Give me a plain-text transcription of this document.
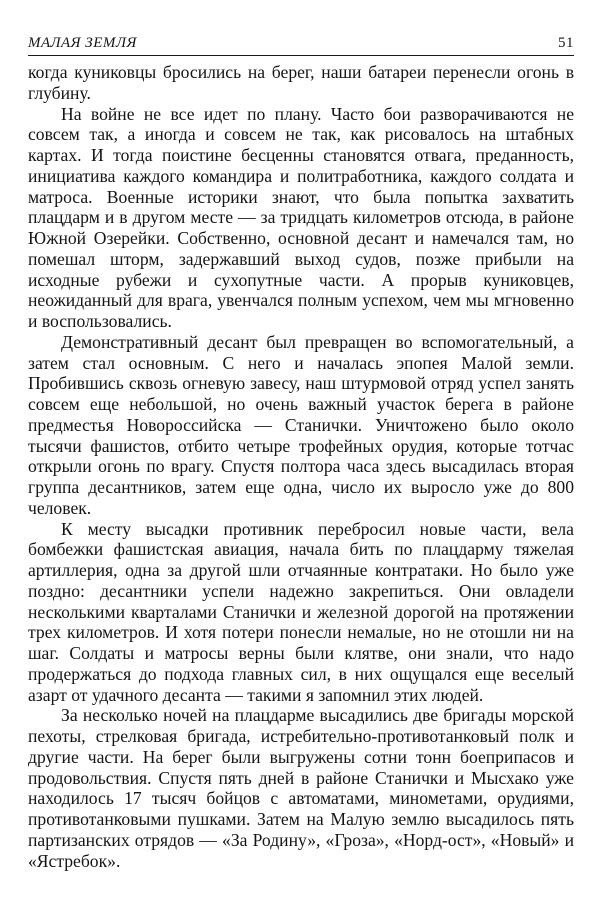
МАЛАЯ ЗЕМЛЯ	51

когда куниковцы бросились на берег, наши батареи перенесли огонь в глубину.

На войне не все идет по плану. Часто бои разворачиваются не совсем так, а иногда и совсем не так, как рисовалось на штабных картах. И тогда поистине бесценны становятся отвага, преданность, инициатива каждого командира и политработника, каждого солдата и матроса. Военные историки знают, что была попытка захватить плацдарм и в другом месте — за тридцать километров отсюда, в районе Южной Озерейки. Собственно, основной десант и намечался там, но помешал шторм, задержавший выход судов, позже прибыли на исходные рубежи и сухопутные части. А прорыв куниковцев, неожиданный для врага, увенчался полным успехом, чем мы мгновенно и воспользовались.

Демонстративный десант был превращен во вспомогательный, а затем стал основным. С него и началась эпопея Малой земли. Пробившись сквозь огневую завесу, наш штурмовой отряд успел занять совсем еще небольшой, но очень важный участок берега в районе предместья Новороссийска — Станички. Уничтожено было около тысячи фашистов, отбито четыре трофейных орудия, которые тотчас открыли огонь по врагу. Спустя полтора часа здесь высадилась вторая группа десантников, затем еще одна, число их выросло уже до 800 человек.

К месту высадки противник перебросил новые части, вела бомбежки фашистская авиация, начала бить по плацдарму тяжелая артиллерия, одна за другой шли отчаянные контратаки. Но было уже поздно: десантники успели надежно закрепиться. Они овладели несколькими кварталами Станички и железной дорогой на протяжении трех километров. И хотя потери понесли немалые, но не отошли ни на шаг. Солдаты и матросы верны были клятве, они знали, что надо продержаться до подхода главных сил, в них ощущался еще веселый азарт от удачного десанта — такими я запомнил этих людей.

За несколько ночей на плацдарме высадились две бригады морской пехоты, стрелковая бригада, истребительно-противотанковый полк и другие части. На берег были выгружены сотни тонн боеприпасов и продовольствия. Спустя пять дней в районе Станички и Мысхако уже находилось 17 тысяч бойцов с автоматами, минометами, орудиями, противотанковыми пушками. Затем на Малую землю высадилось пять партизанских отрядов — «За Родину», «Гроза», «Норд-ост», «Новый» и «Ястребок».
